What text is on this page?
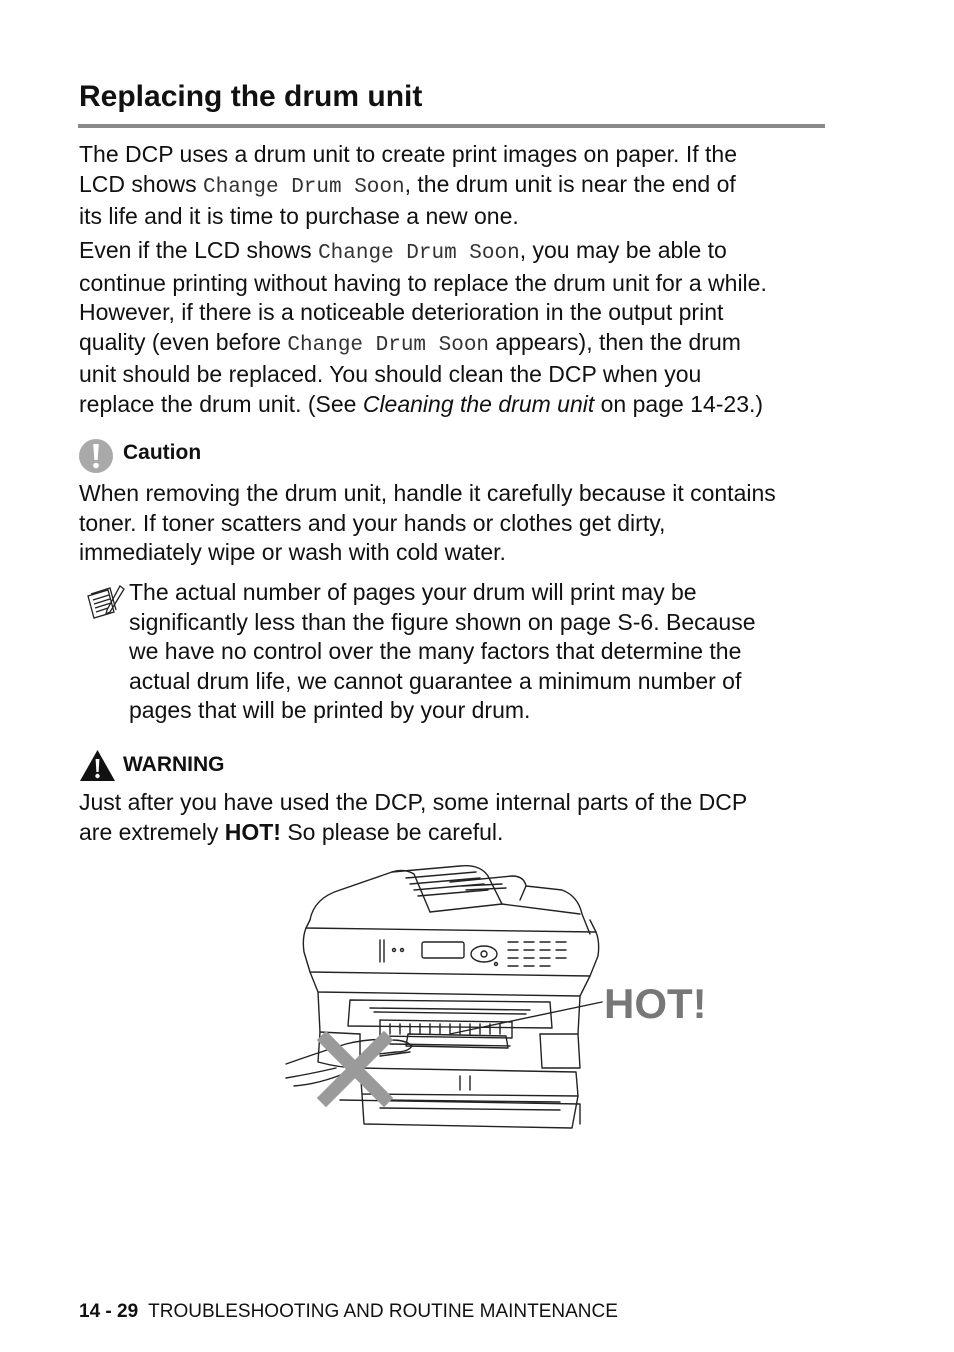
Replacing the drum unit
The DCP uses a drum unit to create print images on paper. If the
LCD shows Change Drum Soon, the drum unit is near the end of
its life and it is time to purchase a new one.
Even if the LCD shows Change Drum Soon, you may be able to
continue printing without having to replace the drum unit for a while.
However, if there is a noticeable deterioration in the output print
quality (even before Change Drum Soon appears), then the drum
unit should be replaced. You should clean the DCP when you
replace the drum unit. (See Cleaning the drum unit on page 14-23.)
Caution
When removing the drum unit, handle it carefully because it contains
toner. If toner scatters and your hands or clothes get dirty,
immediately wipe or wash with cold water.
The actual number of pages your drum will print may be
significantly less than the figure shown on page S-6. Because
we have no control over the many factors that determine the
actual drum life, we cannot guarantee a minimum number of
pages that will be printed by your drum.
WARNING
Just after you have used the DCP, some internal parts of the DCP
are extremely HOT! So please be careful.
HOT!
14 - 29 TROUBLESHOOTING AND ROUTINE MAINTENANCE
